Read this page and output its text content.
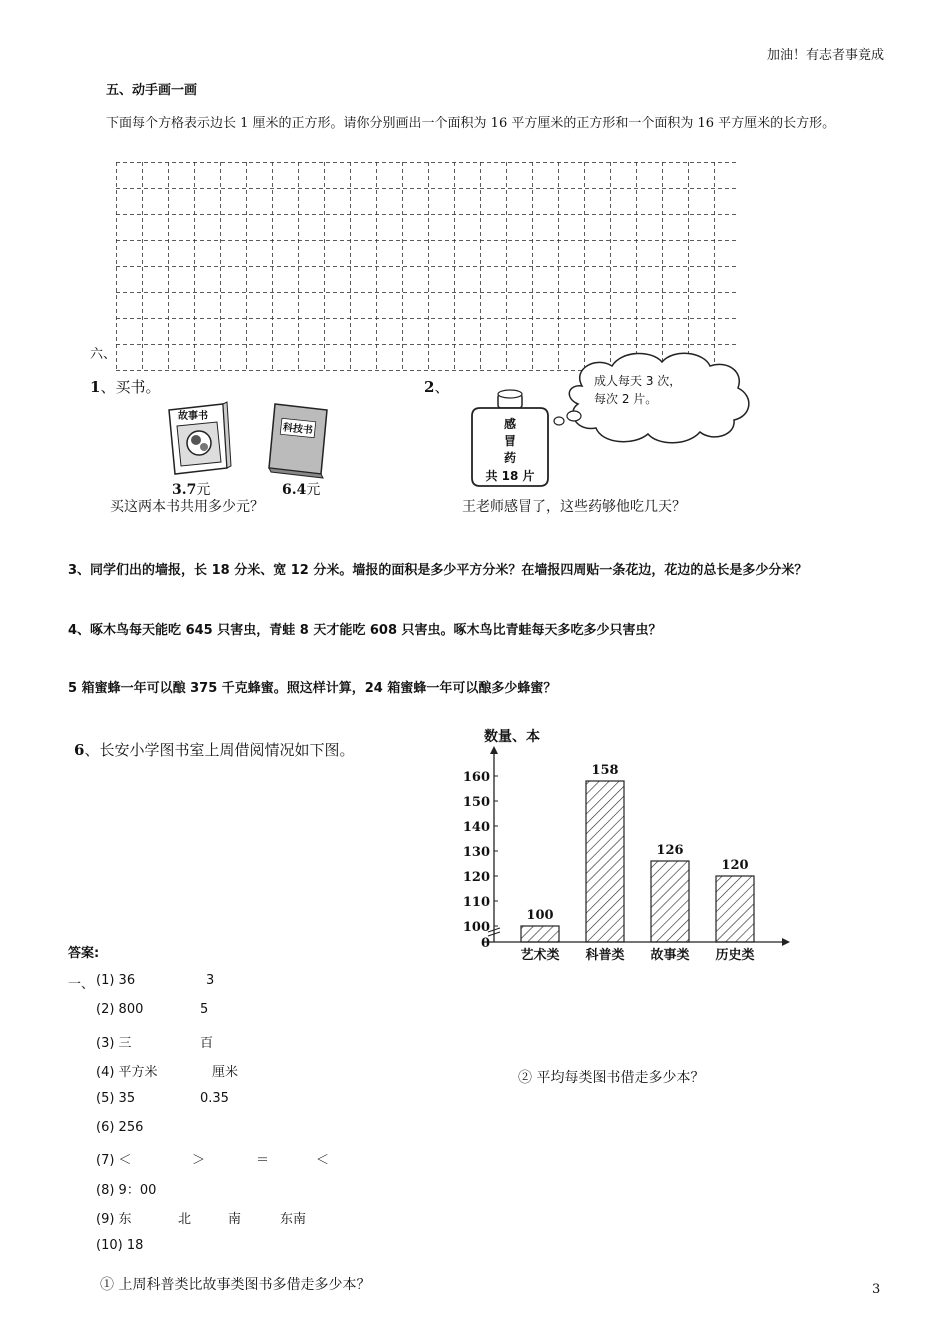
加油！有志者事竟成
五、动手画一画
下面每个方格表示边长 1 厘米的正方形。请你分别画出一个面积为 16 平方厘米的正方形和一个面积为 16 平方厘米的长方形。
六、
1、买书。
故事书
科技书
3.7元	6.4元
买这两本书共用多少元？
2、	成人每天 3 次，
每次 2 片。
感
冒
药
共 18 片
王老师感冒了，这些药够他吃几天？
3、同学们出的墙报，长 18 分米、宽 12 分米。墙报的面积是多少平方分米？在墙报四周贴一条花边，花边的总长是多少分米？
4、啄木鸟每天能吃 645 只害虫，青蛙 8 天才能吃 608 只害虫。啄木鸟比青蛙每天多吃多少只害虫？
5 箱蜜蜂一年可以酿 375 千克蜂蜜。照这样计算，24 箱蜜蜂一年可以酿多少蜂蜜？
6、长安小学图书室上周借阅情况如下图。
数量、本
0
100
110
120
130
140
150
160
100
艺术类
158
科普类
126
故事类
120
历史类
② 平均每类图书借走多少本？
答案:
一、 (1) 36	3
(2) 800	5
(3) 三	百
(4) 平方米	厘米
(5) 35	0.35
(6) 256
(7) ＜	＞	＝	＜
(8) 9：00
(9) 东	北	南	东南
(10) 18
① 上周科普类比故事类图书多借走多少本？	3
